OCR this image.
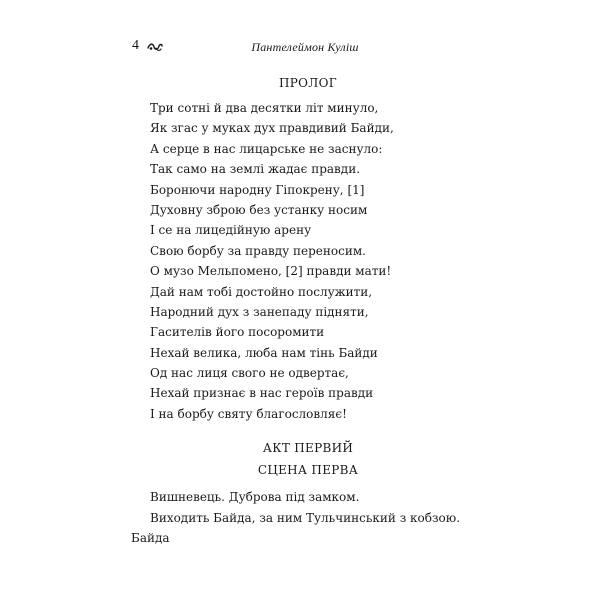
4	Пантелеймон Куліш
ПРОЛОГ
Три сотні й два десятки літ минуло,
Як згас у муках дух правдивий Байди,
А серце в нас лицарське не заснуло:
Так само на землі жадає правди.
Боронючи народну Гіпокрену, [1]
Духовну зброю без устанку носим
І се на лицедійную арену
Свою борбу за правду переносим.
О музо Мельпомено, [2] правди мати!
Дай нам тобі достойно послужити,
Народний дух з занепаду підняти,
Гасителів його посоромити
Нехай велика, люба нам тінь Байди
Од нас лиця свого не одвертає,
Нехай признає в нас героїв правди
І на борбу святу благословляє!
АКТ ПЕРВИЙ
СЦЕНА ПЕРВА
Вишневець. Дуброва під замком.
Виходить Байда, за ним Тульчинський з кобзою.
Байда
